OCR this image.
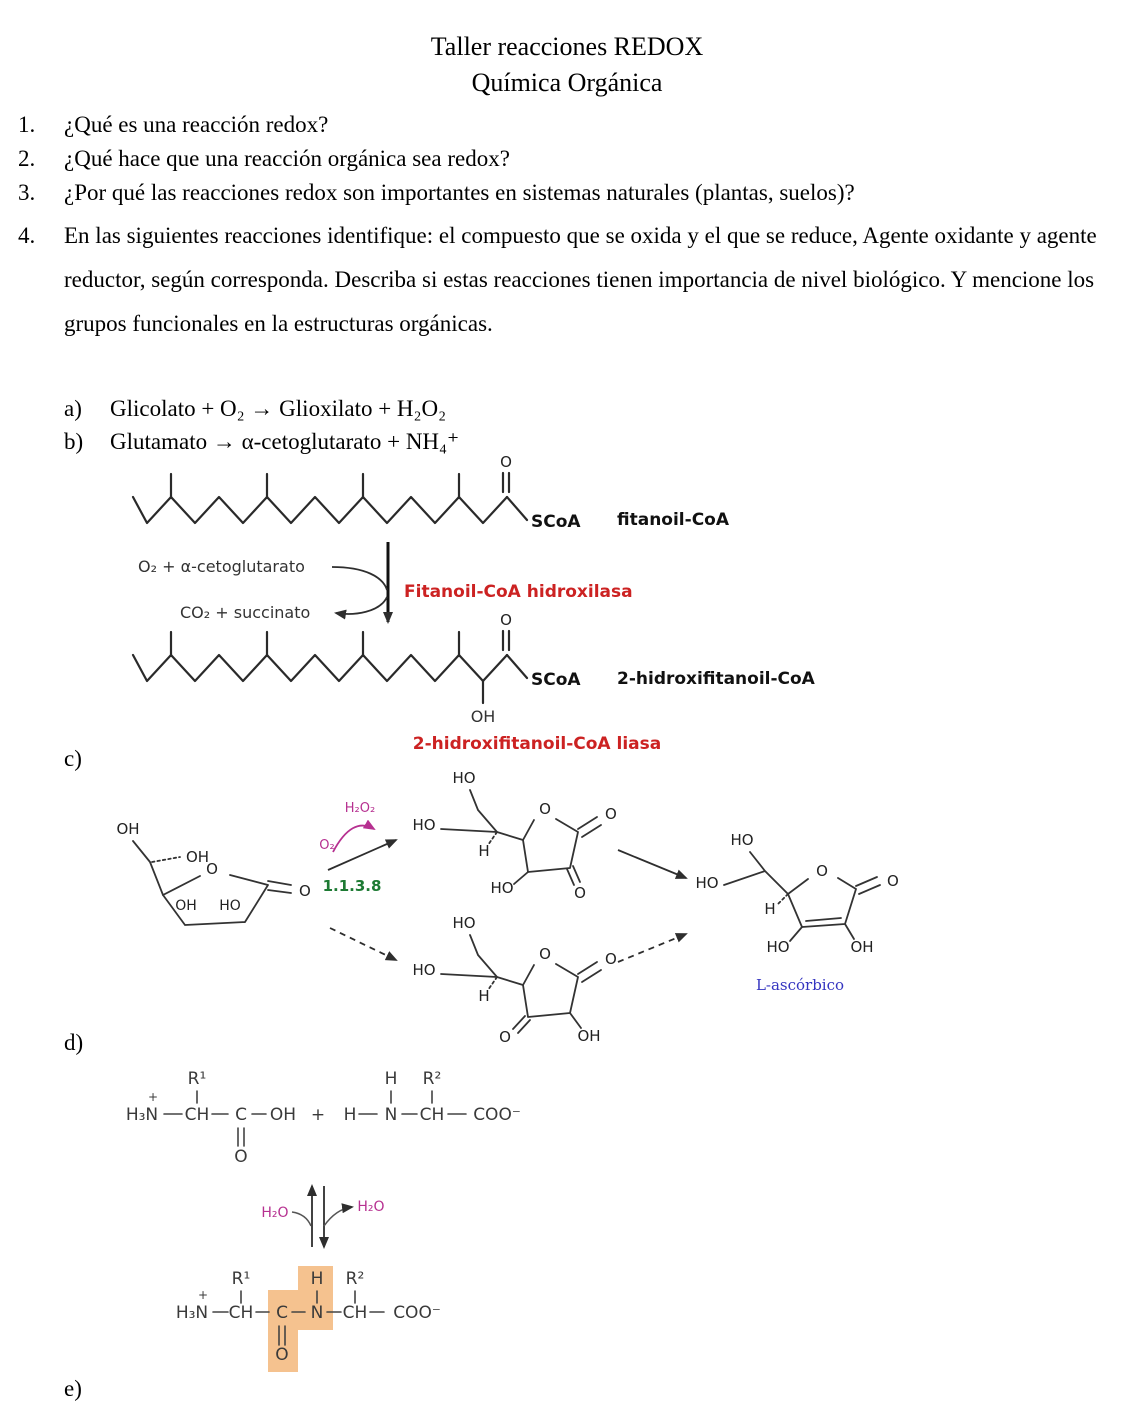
Taller reacciones REDOX
Química Orgánica
1. ¿Qué es una reacción redox?
2. ¿Qué hace que una reacción orgánica sea redox?
3. ¿Por qué las reacciones redox son importantes en sistemas naturales (plantas, suelos)?
4. En las siguientes reacciones identifique: el compuesto que se oxida y el que se reduce, Agente oxidante y agente reductor, según corresponda. Describa si estas reacciones tienen importancia de nivel biológico. Y mencione los grupos funcionales en la estructuras orgánicas.
a) Glicolato + O₂ → Glioxilato + H₂O₂
b) Glutamato → α-cetoglutarato + NH₄⁺
c)
d)
e)
O
SCoA fitanoil-CoA
O₂ + α-cetoglutarato
Fitanoil-CoA hidroxilasa
CO₂ + succinato	O
OH
SCoA 2-hidroxifitanoil-CoA
2-hidroxifitanoil-CoA liasa
OH
OH
O
O
OH HO
O₂
H₂O₂
1.1.3.8
HO
HO
H
O	O
HO	O
HO
HO
H
O	O
O	OH
HO
HO
H
O
O
HO	OH
L-ascórbico
H₃N
+
CH
R¹
C
O
OH + H N
H
CH
R²
COO⁻
H₂O	H₂O
H₃N
+
CH
R¹
C
O
N
H
CH
R²
COO⁻
